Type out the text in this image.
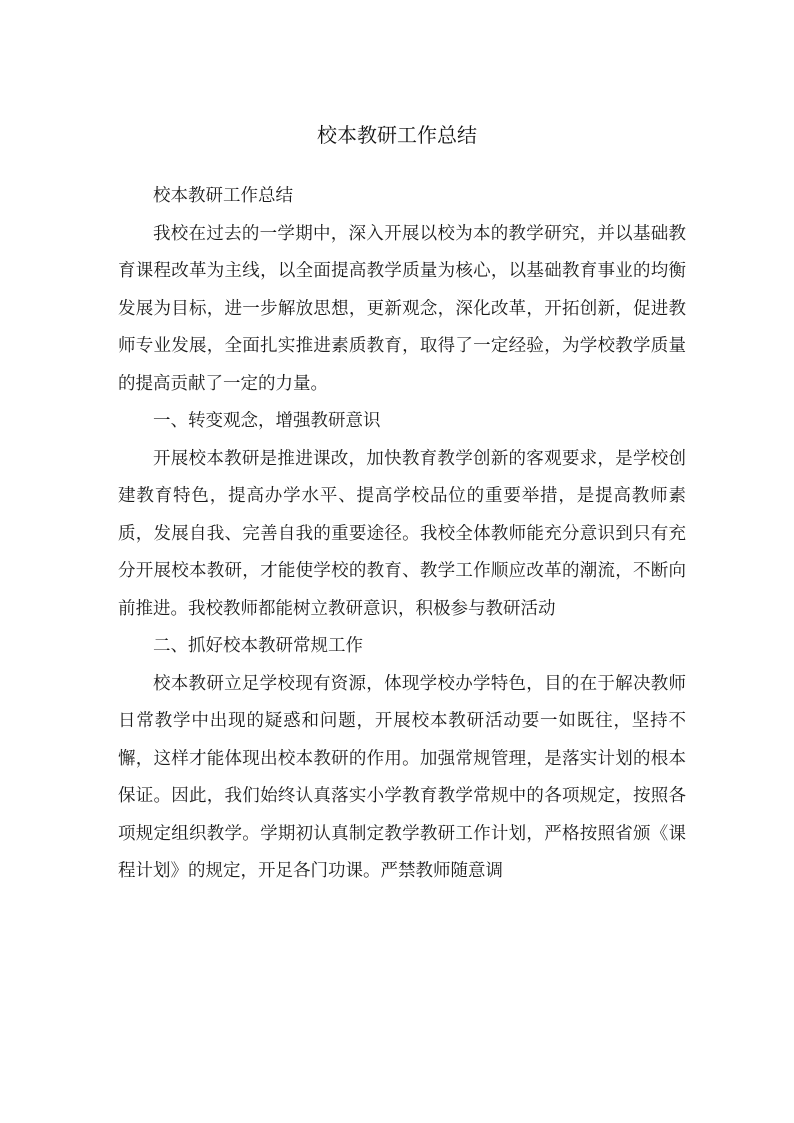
校本教研工作总结

校本教研工作总结

我校在过去的一学期中，深入开展以校为本的教学研究，并以基础教育课程改革为主线，以全面提高教学质量为核心，以基础教育事业的均衡发展为目标，进一步解放思想，更新观念，深化改革，开拓创新，促进教师专业发展，全面扎实推进素质教育，取得了一定经验，为学校教学质量的提高贡献了一定的力量。

一、转变观念，增强教研意识

开展校本教研是推进课改，加快教育教学创新的客观要求，是学校创建教育特色，提高办学水平、提高学校品位的重要举措，是提高教师素质，发展自我、完善自我的重要途径。我校全体教师能充分意识到只有充分开展校本教研，才能使学校的教育、教学工作顺应改革的潮流，不断向前推进。我校教师都能树立教研意识，积极参与教研活动

二、抓好校本教研常规工作

校本教研立足学校现有资源，体现学校办学特色，目的在于解决教师日常教学中出现的疑惑和问题，开展校本教研活动要一如既往，坚持不懈，这样才能体现出校本教研的作用。加强常规管理，是落实计划的根本保证。因此，我们始终认真落实小学教育教学常规中的各项规定，按照各项规定组织教学。学期初认真制定教学教研工作计划，严格按照省颁《课程计划》的规定，开足各门功课。严禁教师随意调
